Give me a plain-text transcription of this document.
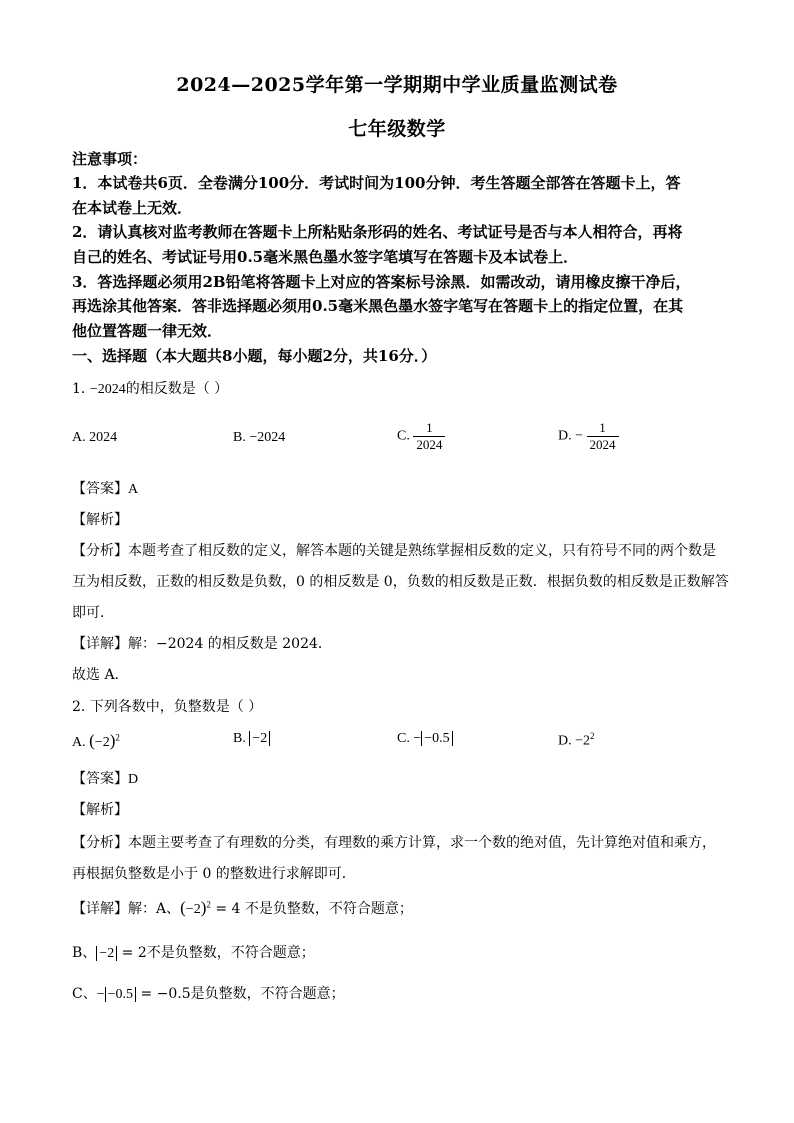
2024—2025学年第一学期期中学业质量监测试卷
七年级数学
注意事项：
1．本试卷共6页．全卷满分100分．考试时间为100分钟．考生答题全部答在答题卡上，答
在本试卷上无效．
2．请认真核对监考教师在答题卡上所粘贴条形码的姓名、考试证号是否与本人相符合，再将
自己的姓名、考试证号用0.5毫米黑色墨水签字笔填写在答题卡及本试卷上．
3．答选择题必须用2B铅笔将答题卡上对应的答案标号涂黑．如需改动，请用橡皮擦干净后，
再选涂其他答案．答非选择题必须用0.5毫米黑色墨水签字笔写在答题卡上的指定位置，在其
他位置答题一律无效．
一、选择题（本大题共8小题，每小题2分，共16分．）
1. −2024的相反数是（ ）
A. 2024	B. −2024	C. $\frac{1}{2024}$	D. − $\frac{1}{2024}$
【答案】A
【解析】
【分析】本题考查了相反数的定义，解答本题的关键是熟练掌握相反数的定义，只有符号不同的两个数是
互为相反数，正数的相反数是负数，0 的相反数是 0，负数的相反数是正数．根据负数的相反数是正数解答
即可．
【详解】解：−2024 的相反数是 2024．
故选 A．
2. 下列各数中，负整数是（ ）
A. $(-2)^2$	B. −2	C. − −0.5	D. $-2^2$
【答案】D
【解析】
【分析】本题主要考查了有理数的分类，有理数的乘方计算，求一个数的绝对值，先计算绝对值和乘方，
再根据负整数是小于 0 的整数进行求解即可．
【详解】解：A、$(-2)^2 = 4$ 不是负整数，不符合题意；
B、 −2 = 2不是负整数，不符合题意；
C、− −0.5 = −0.5是负整数，不符合题意；
